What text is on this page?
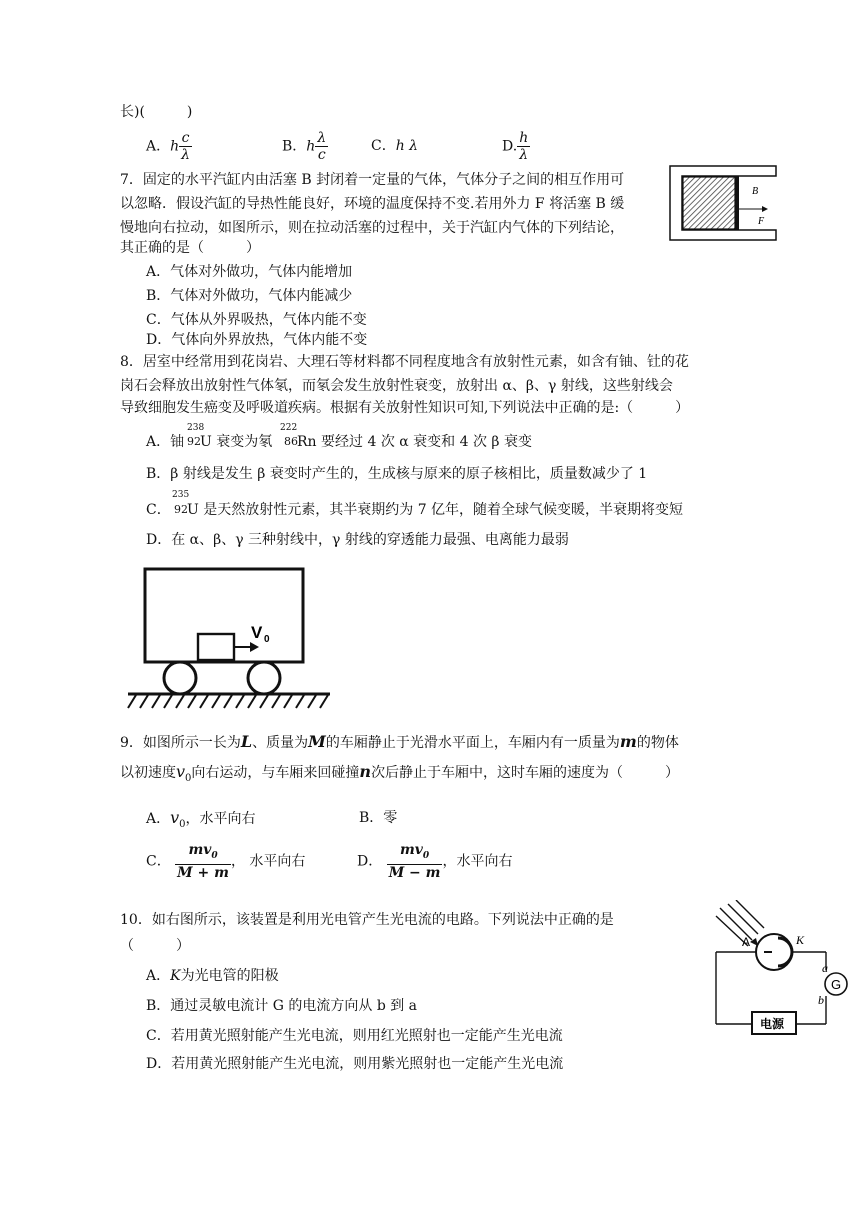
长)(　　　)
A．h $\frac{c}{\lambda}$	B．h $\frac{\lambda}{c}$	C．h λ	D. $\frac{h}{\lambda}$
7．固定的水平汽缸内由活塞 B 封闭着一定量的气体，气体分子之间的相互作用可
以忽略．假设汽缸的导热性能良好，环境的温度保持不变.若用外力 F 将活塞 B 缓
慢地向右拉动，如图所示，则在拉动活塞的过程中，关于汽缸内气体的下列结论，
其正确的是（　　　）
A．气体对外做功，气体内能增加
B．气体对外做功，气体内能减少
C．气体从外界吸热，气体内能不变
D．气体向外界放热，气体内能不变
B
F
8．居室中经常用到花岗岩、大理石等材料都不同程度地含有放射性元素，如含有铀、钍的花
岗石会释放出放射性气体氡，而氡会发生放射性衰变，放射出 α、β、γ 射线，这些射线会
导致细胞发生癌变及呼吸道疾病。根据有关放射性知识可知,下列说法中正确的是:（　　　）
A．铀
238
92 U 衰变为氡
222
86 Rn 要经过 4 次 α 衰变和 4 次 β 衰变
B．β 射线是发生 β 衰变时产生的，生成核与原来的原子核相比，质量数减少了 1
C．
235
92 U 是天然放射性元素，其半衰期约为 7 亿年，随着全球气候变暖，半衰期将变短
D．在 α、β、γ 三种射线中，γ 射线的穿透能力最强、电离能力最弱
V 0
9．如图所示一长为L、质量为M的车厢静止于光滑水平面上，车厢内有一质量为m的物体
以初速度$v_0$向右运动，与车厢来回碰撞n次后静止于车厢中，这时车厢的速度为（　　　）
A．$v_0$，水平向右	B．零
C． $\frac{mv_0}{M + m}$ ， 水平向右	D． $\frac{mv_0}{M - m}$ ，水平向右
10．如右图所示，该装置是利用光电管产生光电流的电路。下列说法中正确的是
（　　　）
A．K为光电管的阳极
B．通过灵敏电流计 G 的电流方向从 b 到 a
C．若用黄光照射能产生光电流，则用红光照射也一定能产生光电流
D．若用黄光照射能产生光电流，则用紫光照射也一定能产生光电流
G
电源
A	K
a
b
